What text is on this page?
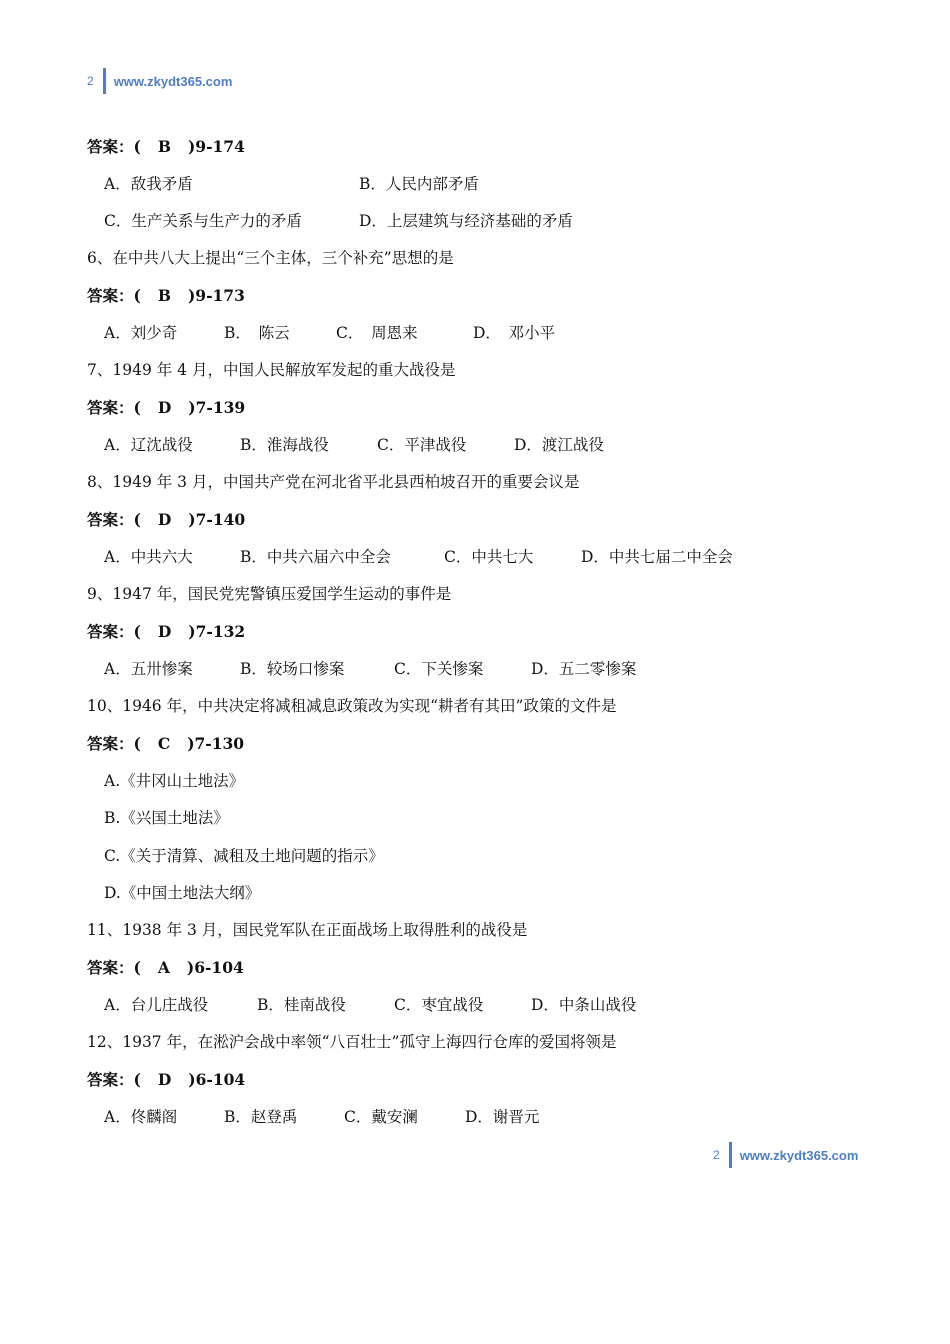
2 www.zkydt365.com
答案：( B )9-174
A．敌我矛盾	B．人民内部矛盾
C．生产关系与生产力的矛盾	D．上层建筑与经济基础的矛盾
6、在中共八大上提出“三个主体，三个补充”思想的是
答案：( B )9-173
A．刘少奇	B．　陈云	C．　周恩来	D．　邓小平
7、1949 年 4 月，中国人民解放军发起的重大战役是
答案：( D )7-139
A．辽沈战役	B．淮海战役	C．平津战役	D．渡江战役
8、1949 年 3 月，中国共产党在河北省平北县西柏坡召开的重要会议是
答案：( D )7-140
A．中共六大	B．中共六届六中全会	C．中共七大	D．中共七届二中全会
9、1947 年，国民党宪警镇压爱国学生运动的事件是
答案：( D )7-132
A．五卅惨案	B．较场口惨案	C．下关惨案	D．五二零惨案
10、1946 年，中共决定将减租减息政策改为实现“耕者有其田”政策的文件是
答案：( C )7-130
A.《井冈山土地法》
B.《兴国土地法》
C.《关于清算、减租及土地问题的指示》
D.《中国土地法大纲》
11、1938 年 3 月，国民党军队在正面战场上取得胜利的战役是
答案：( A )6-104
A．台儿庄战役	B．桂南战役	C．枣宜战役	D．中条山战役
12、1937 年，在淞沪会战中率领“八百壮士”孤守上海四行仓库的爱国将领是
答案：( D )6-104
A．佟麟阁	B．赵登禹	C．戴安澜	D．谢晋元
2 www.zkydt365.com
